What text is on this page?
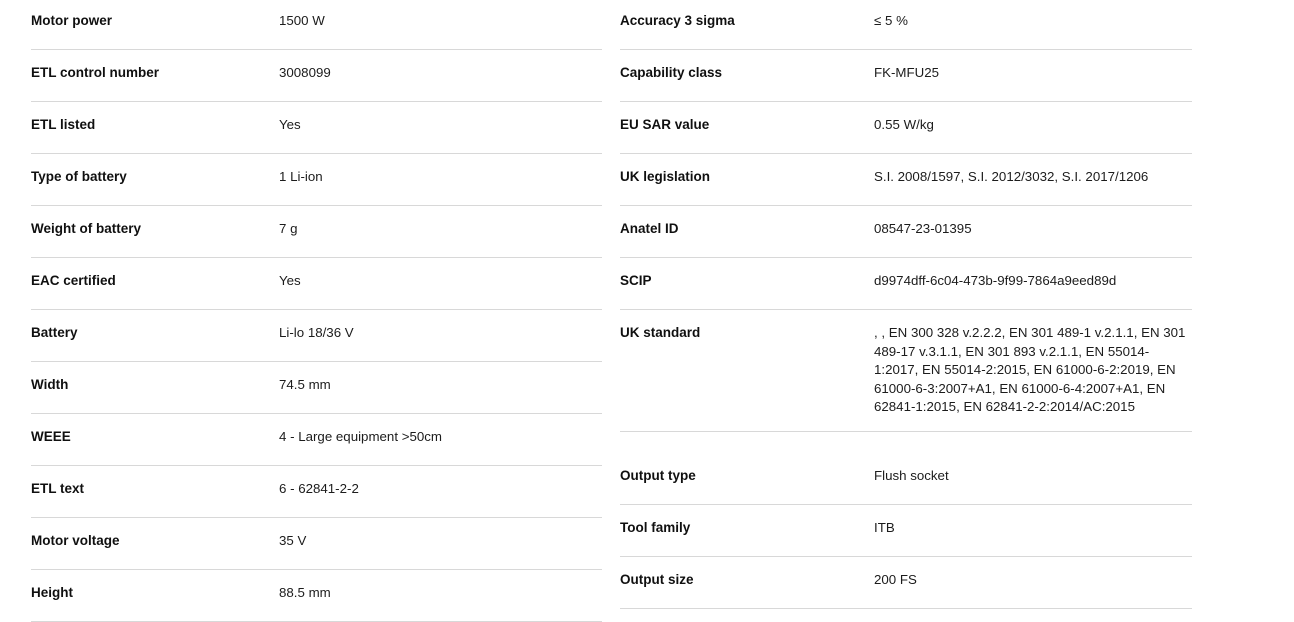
Motor power	1500 W
ETL control number	3008099
ETL listed	Yes
Type of battery	1 Li-ion
Weight of battery	7 g
EAC certified	Yes
Battery	Li-lo 18/36 V
Width	74.5 mm
WEEE	4 - Large equipment >50cm
ETL text	6 - 62841-2-2
Motor voltage	35 V
Height	88.5 mm
Accuracy 3 sigma	≤ 5 %
Capability class	FK-MFU25
EU SAR value	0.55 W/kg
UK legislation	S.I. 2008/1597, S.I. 2012/3032, S.I. 2017/1206
Anatel ID	08547-23-01395
SCIP	d9974dff-6c04-473b-9f99-7864a9eed89d
UK standard	, , EN 300 328 v.2.2.2, EN 301 489-1 v.2.1.1, EN 301 489-17 v.3.1.1, EN 301 893 v.2.1.1, EN 55014-1:2017, EN 55014-2:2015, EN 61000-6-2:2019, EN 61000-6-3:2007+A1, EN 61000-6-4:2007+A1, EN 62841-1:2015, EN 62841-2-2:2014/AC:2015
Output type	Flush socket
Tool family	ITB
Output size	200 FS
